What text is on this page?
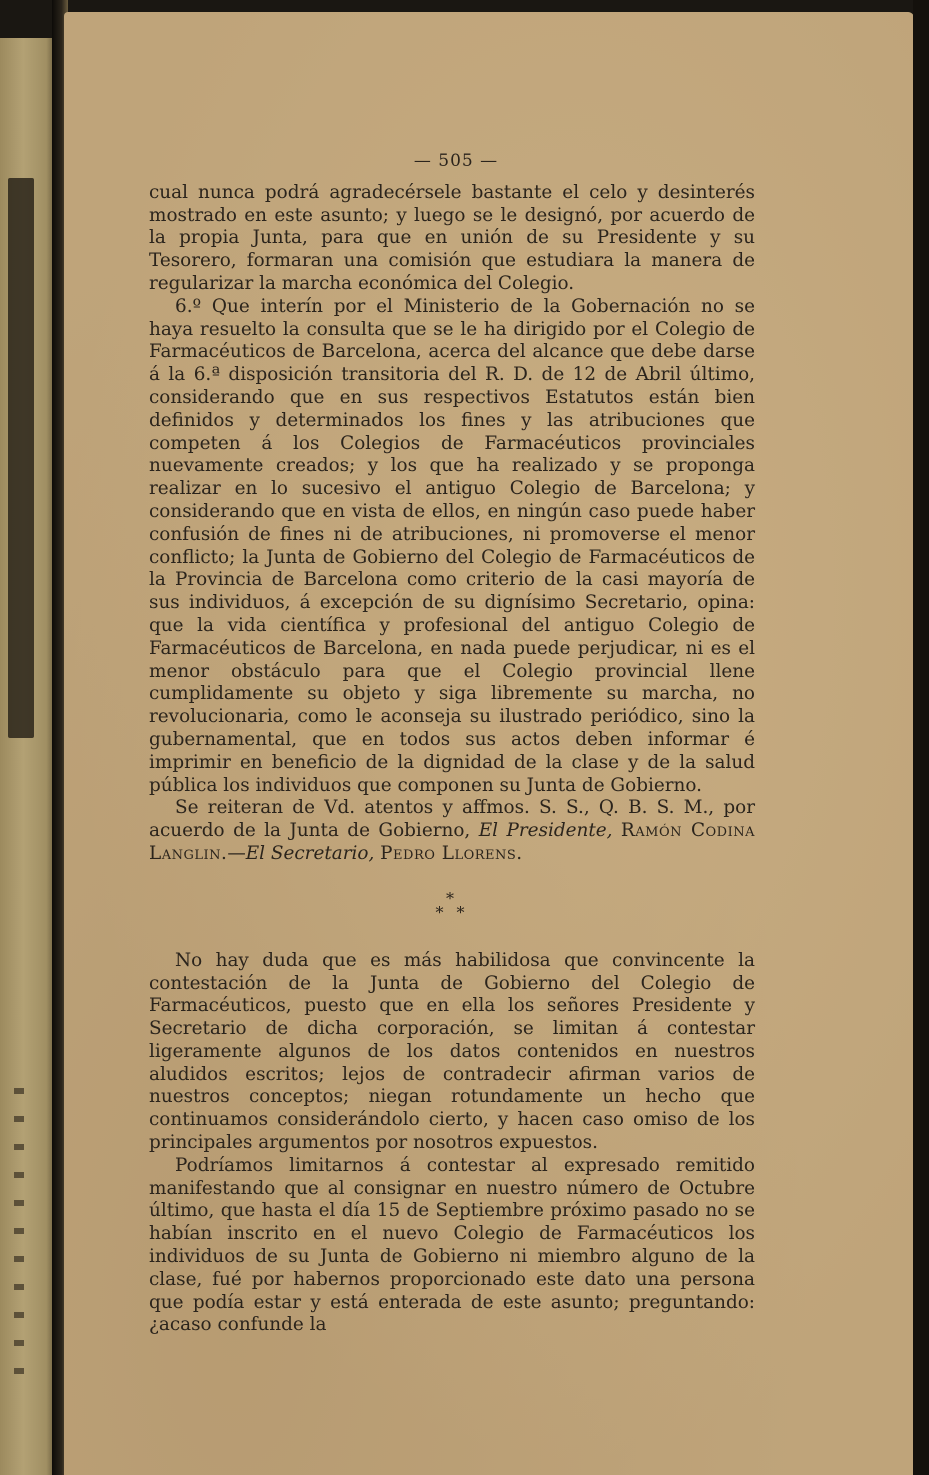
— 505 —

cual nunca podrá agradecérsele bastante el celo y desinterés mostrado en este asunto; y luego se le designó, por acuerdo de la propia Junta, para que en unión de su Presidente y su Tesorero, formaran una comisión que estudiara la manera de regularizar la marcha económica del Colegio.

6.º Que interín por el Ministerio de la Gobernación no se haya resuelto la consulta que se le ha dirigido por el Colegio de Farmacéuticos de Barcelona, acerca del alcance que debe darse á la 6.ª disposición transitoria del R. D. de 12 de Abril último, considerando que en sus respectivos Estatutos están bien definidos y determinados los fines y las atribuciones que competen á los Colegios de Farmacéuticos provinciales nuevamente creados; y los que ha realizado y se proponga realizar en lo sucesivo el antiguo Colegio de Barcelona; y considerando que en vista de ellos, en ningún caso puede haber confusión de fines ni de atribuciones, ni promoverse el menor conflicto; la Junta de Gobierno del Colegio de Farmacéuticos de la Provincia de Barcelona como criterio de la casi mayoría de sus individuos, á excepción de su dignísimo Secretario, opina: que la vida científica y profesional del antiguo Colegio de Farmacéuticos de Barcelona, en nada puede perjudicar, ni es el menor obstáculo para que el Colegio provincial llene cumplidamente su objeto y siga libremente su marcha, no revolucionaria, como le aconseja su ilustrado periódico, sino la gubernamental, que en todos sus actos deben informar é imprimir en beneficio de la dignidad de la clase y de la salud pública los individuos que componen su Junta de Gobierno.

Se reiteran de Vd. atentos y affmos. S. S., Q. B. S. M., por acuerdo de la Junta de Gobierno, El Presidente, Ramón Codina Langlin.—El Secretario, Pedro Llorens.

*
* *

No hay duda que es más habilidosa que convincente la contestación de la Junta de Gobierno del Colegio de Farmacéuticos, puesto que en ella los señores Presidente y Secretario de dicha corporación, se limitan á contestar ligeramente algunos de los datos contenidos en nuestros aludidos escritos; lejos de contradecir afirman varios de nuestros conceptos; niegan rotundamente un hecho que continuamos considerándolo cierto, y hacen caso omiso de los principales argumentos por nosotros expuestos.

Podríamos limitarnos á contestar al expresado remitido manifestando que al consignar en nuestro número de Octubre último, que hasta el día 15 de Septiembre próximo pasado no se habían inscrito en el nuevo Colegio de Farmacéuticos los individuos de su Junta de Gobierno ni miembro alguno de la clase, fué por habernos proporcionado este dato una persona que podía estar y está enterada de este asunto; preguntando: ¿acaso confunde la
